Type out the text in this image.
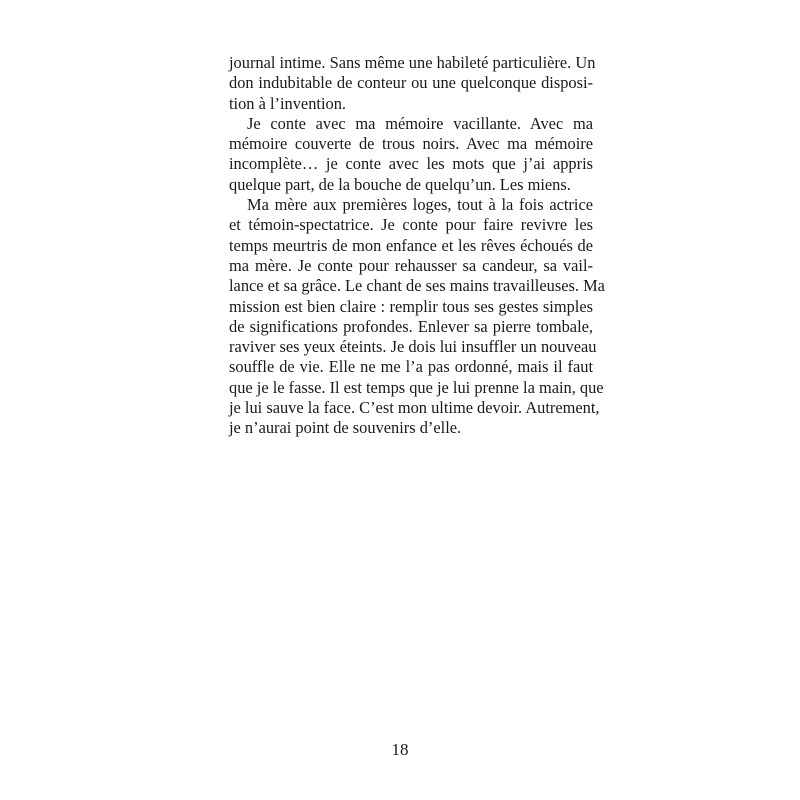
journal intime. Sans même une habileté particulière. Un
don indubitable de conteur ou une quelconque disposi-
tion à l’invention.
Je conte avec ma mémoire vacillante. Avec ma
mémoire couverte de trous noirs. Avec ma mémoire
incomplète… je conte avec les mots que j’ai appris
quelque part, de la bouche de quelqu’un. Les miens.
Ma mère aux premières loges, tout à la fois actrice
et témoin-spectatrice. Je conte pour faire revivre les
temps meurtris de mon enfance et les rêves échoués de
ma mère. Je conte pour rehausser sa candeur, sa vail-
lance et sa grâce. Le chant de ses mains travailleuses. Ma
mission est bien claire : remplir tous ses gestes simples
de significations profondes. Enlever sa pierre tombale,
raviver ses yeux éteints. Je dois lui insuffler un nouveau
souffle de vie. Elle ne me l’a pas ordonné, mais il faut
que je le fasse. Il est temps que je lui prenne la main, que
je lui sauve la face. C’est mon ultime devoir. Autrement,
je n’aurai point de souvenirs d’elle.
18
